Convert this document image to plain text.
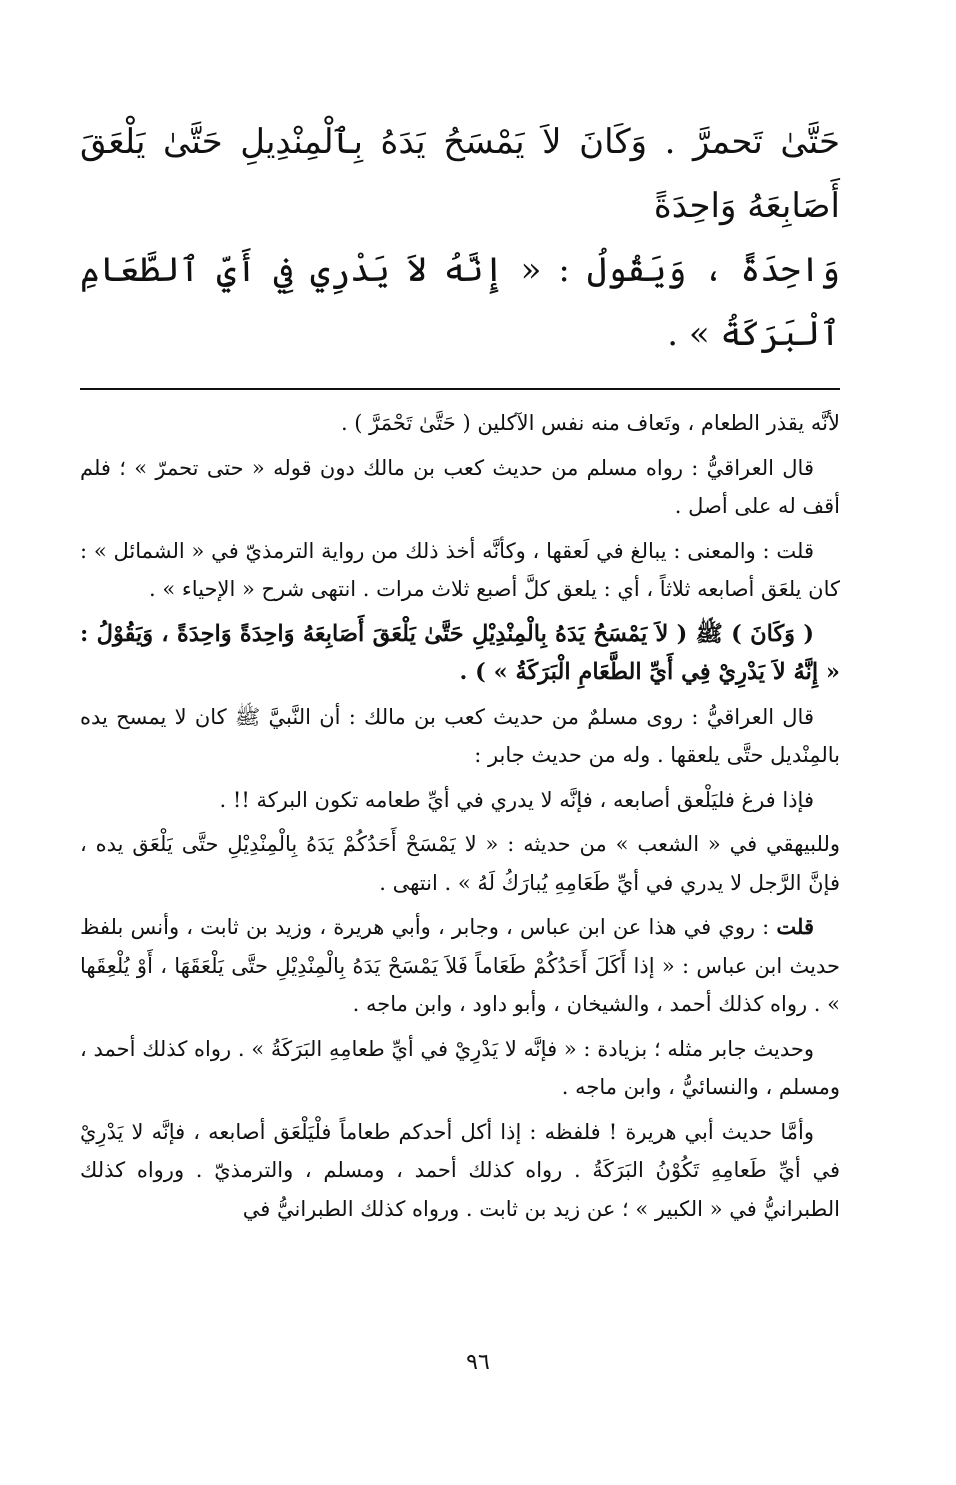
حَتَّىٰ تَحمرَّ . وَكَانَ لاَ يَمْسَحُ يَدَهُ بِٱلْمِنْدِيلِ حَتَّىٰ يَلْعَقَ أَصَابِعَهُ وَاحِدَةً

وَاحِدَةً ، وَيَقُولُ : « إِنَّهُ لاَ يَدْرِي فِي أَيِّ ٱلطَّعَامِ ٱلْبَرَكَةُ » .

لأنَّه يقذر الطعام ، وتَعاف منه نفس الآكلين ( حَتَّىٰ تَحْمَرَّ ) .

قال العراقيُّ : رواه مسلم من حديث كعب بن مالك دون قوله « حتى تحمرّ » ؛ فلم أقف له على أصل .

قلت : والمعنى : يبالغ في لَعقها ، وكأنَّه أخذ ذلك من رواية الترمذيّ في « الشمائل » : كان يلعَق أصابعه ثلاثاً ، أي : يلعق كلَّ أصبع ثلاث مرات . انتهى شرح « الإحياء » .

( وَكَانَ ) ﷺ ( لاَ يَمْسَحُ يَدَهُ بِالْمِنْدِيْلِ حَتَّىٰ يَلْعَقَ أَصَابِعَهُ وَاحِدَةً وَاحِدَةً ، وَيَقُوْلُ : « إِنَّهُ لاَ يَدْرِيْ فِي أَيِّ الطَّعَامِ الْبَرَكَةُ » ) .

قال العراقيُّ : روى مسلمٌ من حديث كعب بن مالك : أن النَّبيَّ ﷺ كان لا يمسح يده بالمِنْديل حتَّى يلعقها . وله من حديث جابر :

فإذا فرغ فليَلْعق أصابعه ، فإنَّه لا يدري في أيِّ طعامه تكون البركة !! .

وللبيهقي في « الشعب » من حديثه : « لا يَمْسَحْ أَحَدُكُمْ يَدَهُ بِالْمِنْدِيْلِ حتَّى يَلْعَق يده ، فإنَّ الرَّجل لا يدري في أيِّ طَعَامِهِ يُبارَكُ لَهُ » . انتهى .

قلت : روي في هذا عن ابن عباس ، وجابر ، وأبي هريرة ، وزيد بن ثابت ، وأنس بلفظ حديث ابن عباس : « إذا أَكَلَ أَحَدُكُمْ طَعَاماً فَلاَ يَمْسَحْ يَدَهُ بِالْمِنْدِيْلِ حتَّى يَلْعَقَهَا ، أَوْ يُلْعِقَها » . رواه كذلك أحمد ، والشيخان ، وأبو داود ، وابن ماجه .

وحديث جابر مثله ؛ بزيادة : « فإنَّه لا يَدْرِيْ في أيِّ طعامِهِ البَرَكَةُ » . رواه كذلك أحمد ، ومسلم ، والنسائيُّ ، وابن ماجه .

وأمَّا حديث أبي هريرة ! فلفظه : إذا أكل أحدكم طعاماً فلْيَلْعَق أصابعه ، فإنَّه لا يَدْرِيْ في أيِّ طَعامِهِ تَكُوْنُ البَرَكَةُ . رواه كذلك أحمد ، ومسلم ، والترمذيّ . ورواه كذلك الطبرانيُّ في « الكبير » ؛ عن زيد بن ثابت . ورواه كذلك الطبرانيُّ في

٩٦
